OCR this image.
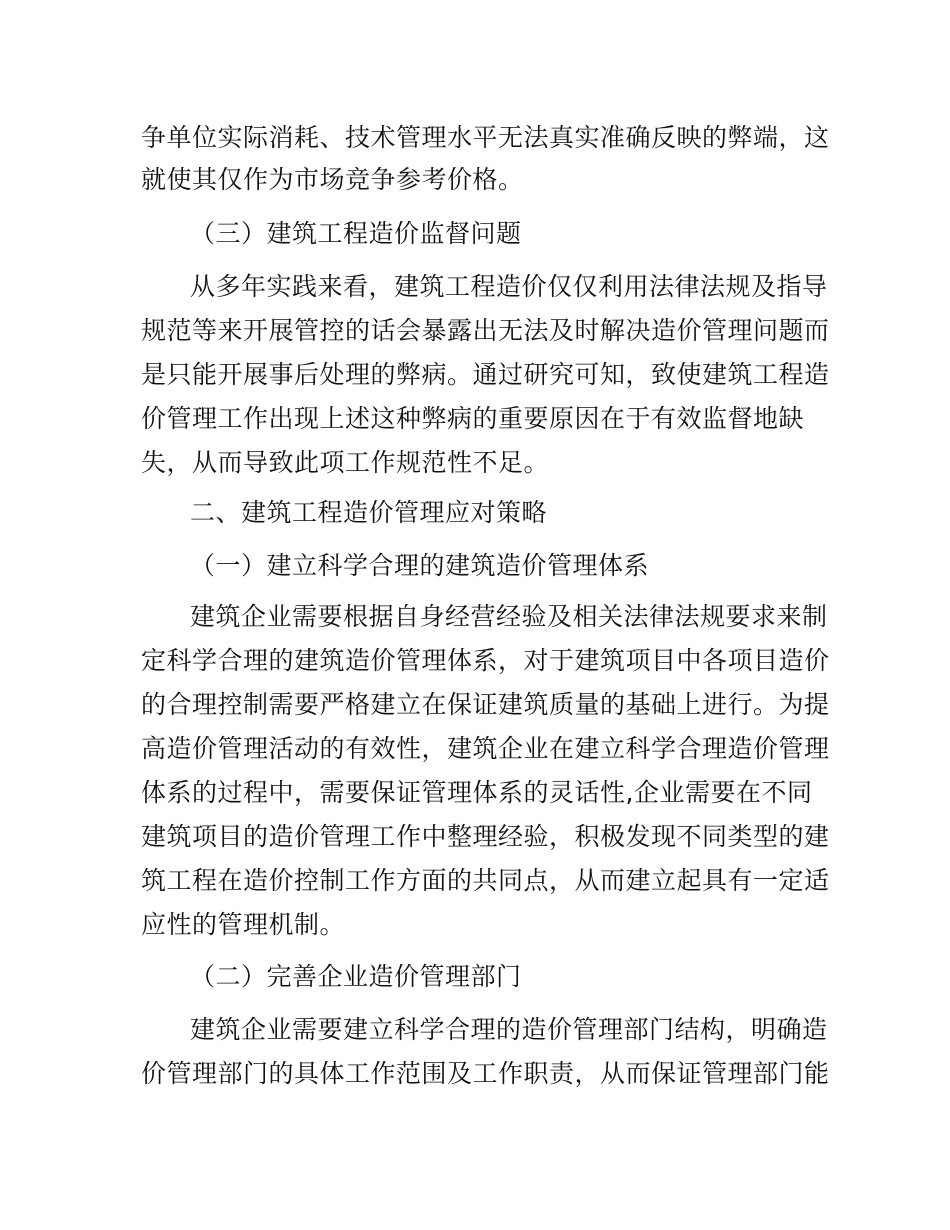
争单位实际消耗、技术管理水平无法真实准确反映的弊端，这
就使其仅作为市场竞争参考价格。
（三）建筑工程造价监督问题
从多年实践来看，建筑工程造价仅仅利用法律法规及指导
规范等来开展管控的话会暴露出无法及时解决造价管理问题而
是只能开展事后处理的弊病。通过研究可知，致使建筑工程造
价管理工作出现上述这种弊病的重要原因在于有效监督地缺
失，从而导致此项工作规范性不足。
二、建筑工程造价管理应对策略
（一）建立科学合理的建筑造价管理体系
建筑企业需要根据自身经营经验及相关法律法规要求来制
定科学合理的建筑造价管理体系，对于建筑项目中各项目造价
的合理控制需要严格建立在保证建筑质量的基础上进行。为提
高造价管理活动的有效性，建筑企业在建立科学合理造价管理
体系的过程中，需要保证管理体系的灵话性,企业需要在不同
建筑项目的造价管理工作中整理经验，积极发现不同类型的建
筑工程在造价控制工作方面的共同点，从而建立起具有一定适
应性的管理机制。
（二）完善企业造价管理部门
建筑企业需要建立科学合理的造价管理部门结构，明确造
价管理部门的具体工作范围及工作职责，从而保证管理部门能
